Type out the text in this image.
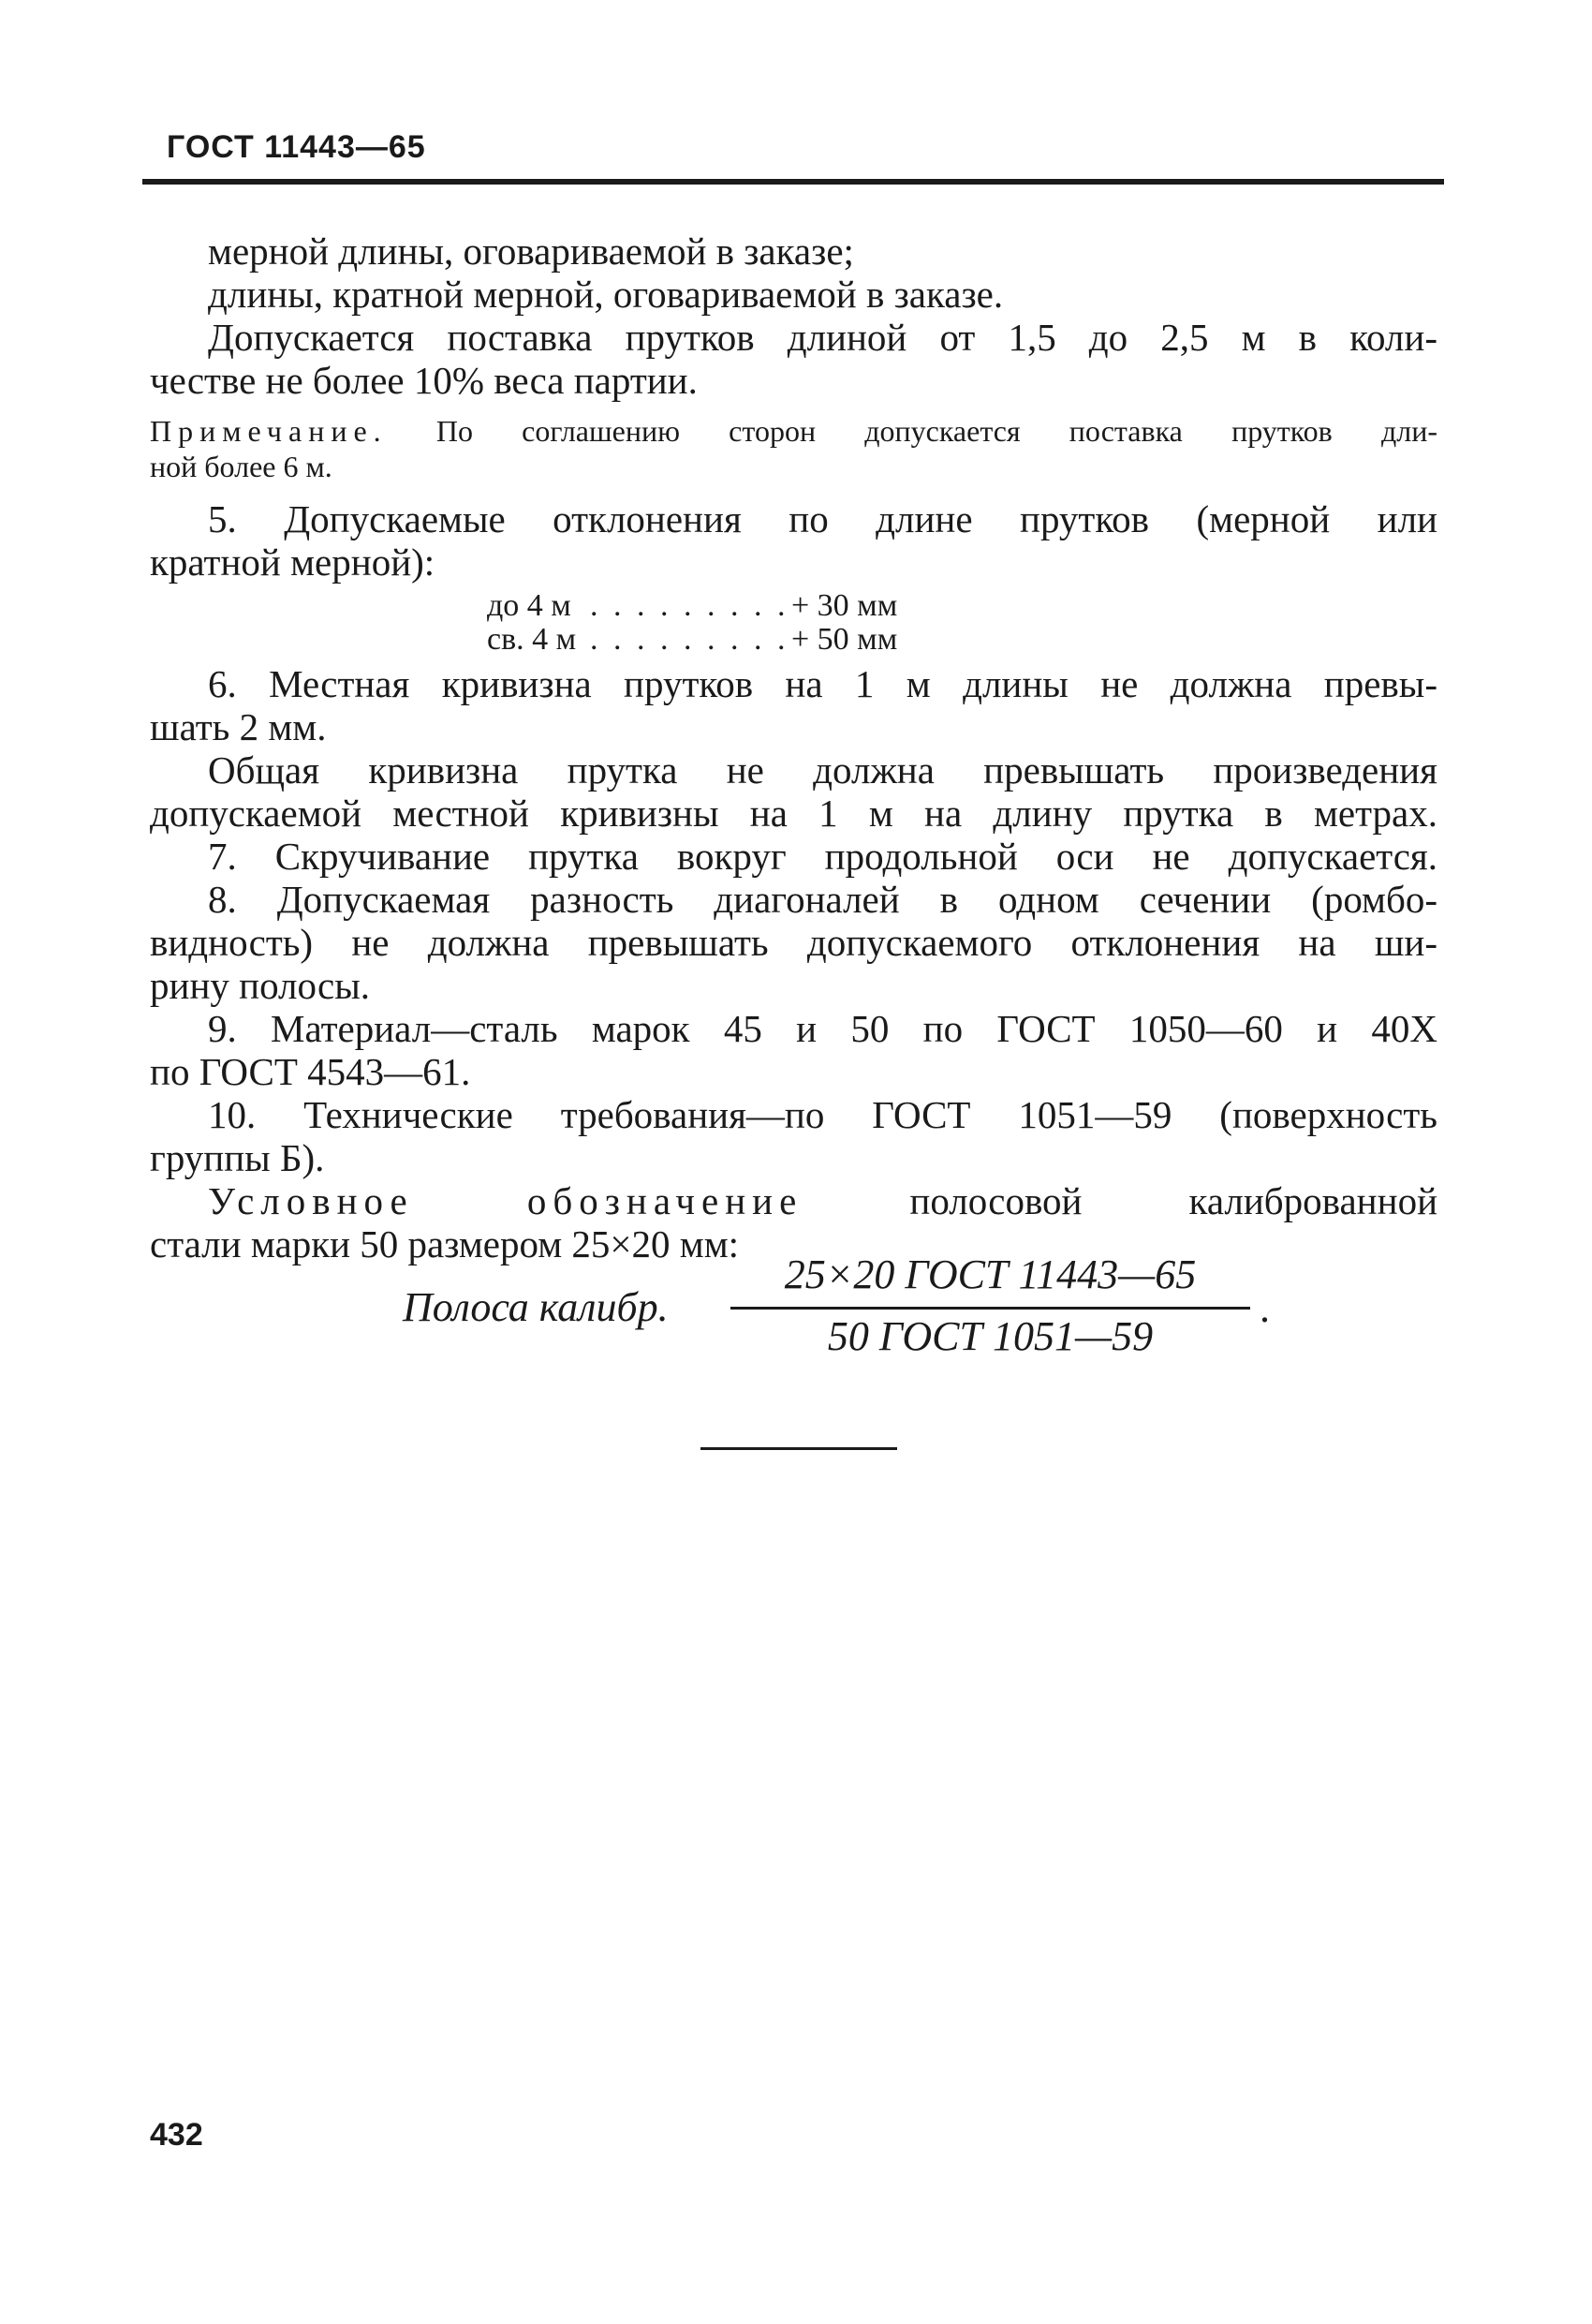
ГОСТ 11443—65
мерной длины, оговариваемой в заказе;
длины, кратной мерной, оговариваемой в заказе.
Допускается поставка прутков длиной от 1,5 до 2,5 м в коли-
честве не более 10% веса партии.
Примечание. По соглашению сторон допускается поставка прутков дли-
ной более 6 м.
5. Допускаемые отклонения по длине прутков (мерной или
кратной мерной):
до 4 м . . . . . . . . . + 30 мм
св. 4 м . . . . . . . . . + 50 мм
6. Местная кривизна прутков на 1 м длины не должна превы-
шать 2 мм.
Общая кривизна прутка не должна превышать произведения
допускаемой местной кривизны на 1 м на длину прутка в метрах.
7. Скручивание прутка вокруг продольной оси не допускается.
8. Допускаемая разность диагоналей в одном сечении (ромбо-
видность) не должна превышать допускаемого отклонения на ши-
рину полосы.
9. Материал—сталь марок 45 и 50 по ГОСТ 1050—60 и 40Х
по ГОСТ 4543—61.
10. Технические требования—по ГОСТ 1051—59 (поверхность
группы Б).
Условное обозначение	полосовой калиброванной
стали марки 50 размером 25×20 мм:
Полоса калибр.
25×20 ГОСТ 11443—65
50 ГОСТ 1051—59
.
432
